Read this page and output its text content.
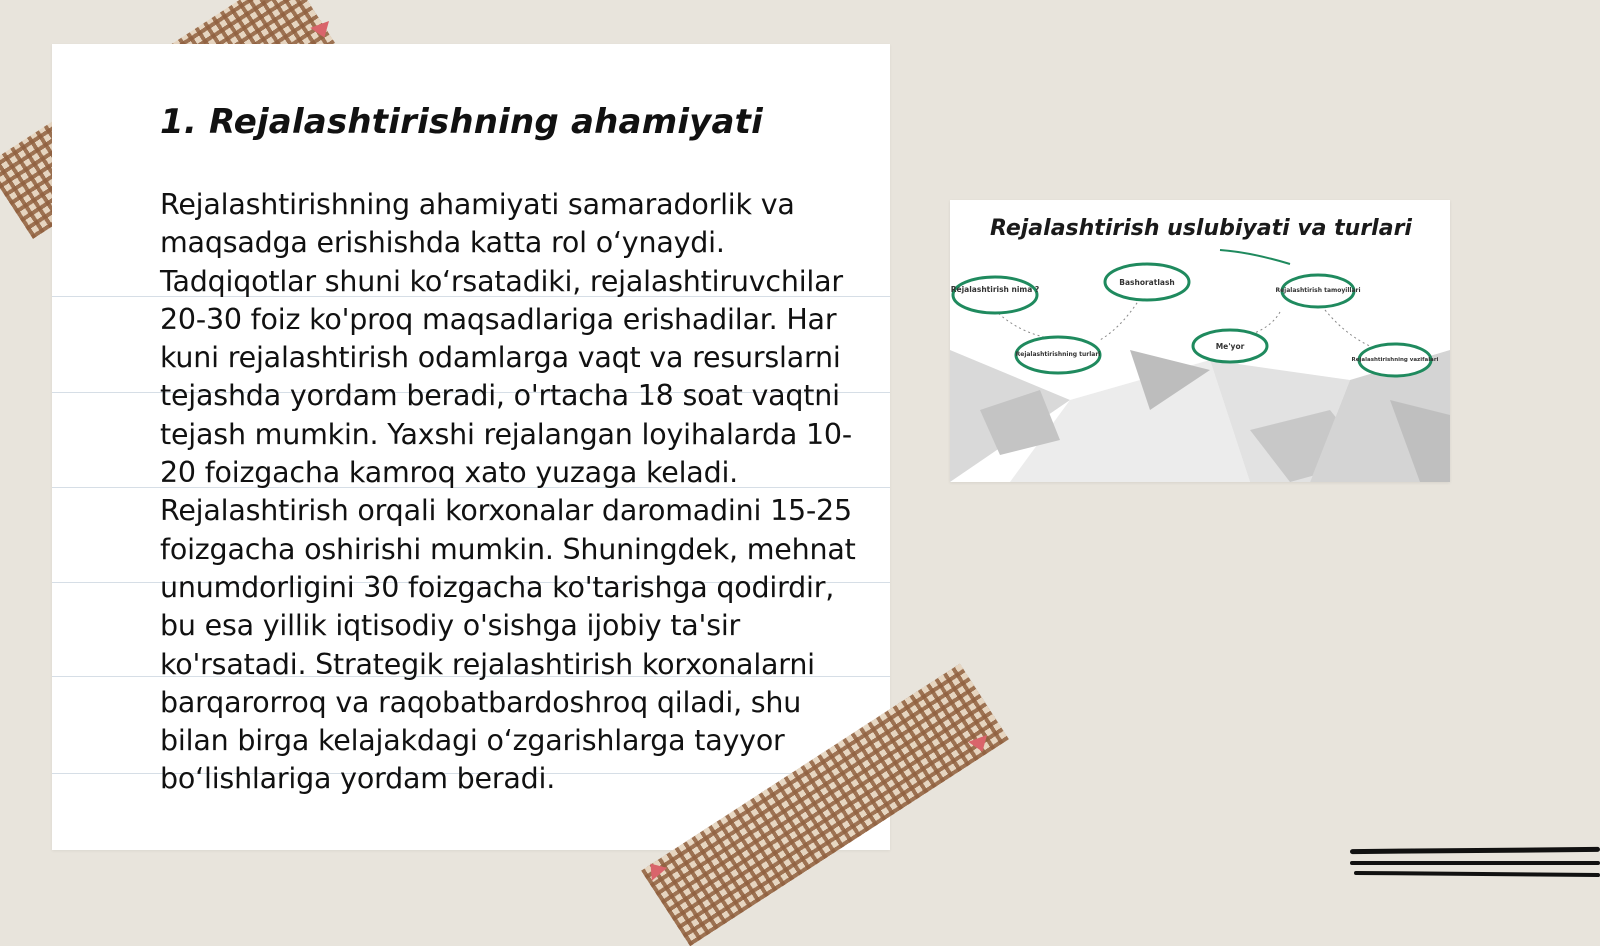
1. Rejalashtirishning ahamiyati

Rejalashtirishning ahamiyati samaradorlik va maqsadga erishishda katta rol o‘ynaydi. Tadqiqotlar shuni ko‘rsatadiki, rejalashtiruvchilar 20-30 foiz ko'proq maqsadlariga erishadilar. Har kuni rejalashtirish odamlarga vaqt va resurslarni tejashda yordam beradi, o'rtacha 18 soat vaqtni tejash mumkin. Yaxshi rejalangan loyihalarda 10-20 foizgacha kamroq xato yuzaga keladi. Rejalashtirish orqali korxonalar daromadini 15-25 foizgacha oshirishi mumkin. Shuningdek, mehnat unumdorligini 30 foizgacha ko'tarishga qodirdir, bu esa yillik iqtisodiy o'sishga ijobiy ta'sir ko'rsatadi. Strategik rejalashtirish korxonalarni barqarorroq va raqobatbardoshroq qiladi, shu bilan birga kelajakdagi o‘zgarishlarga tayyor bo‘lishlariga yordam beradi.

Rejalashtirish nima ?
Bashoratlash
Rejalashtirish tamoyillari
Rejalashtirishning turlari
Me'yor
Rejalashtirishning vazifalari
Rejalashtirish uslubiyati va turlari
